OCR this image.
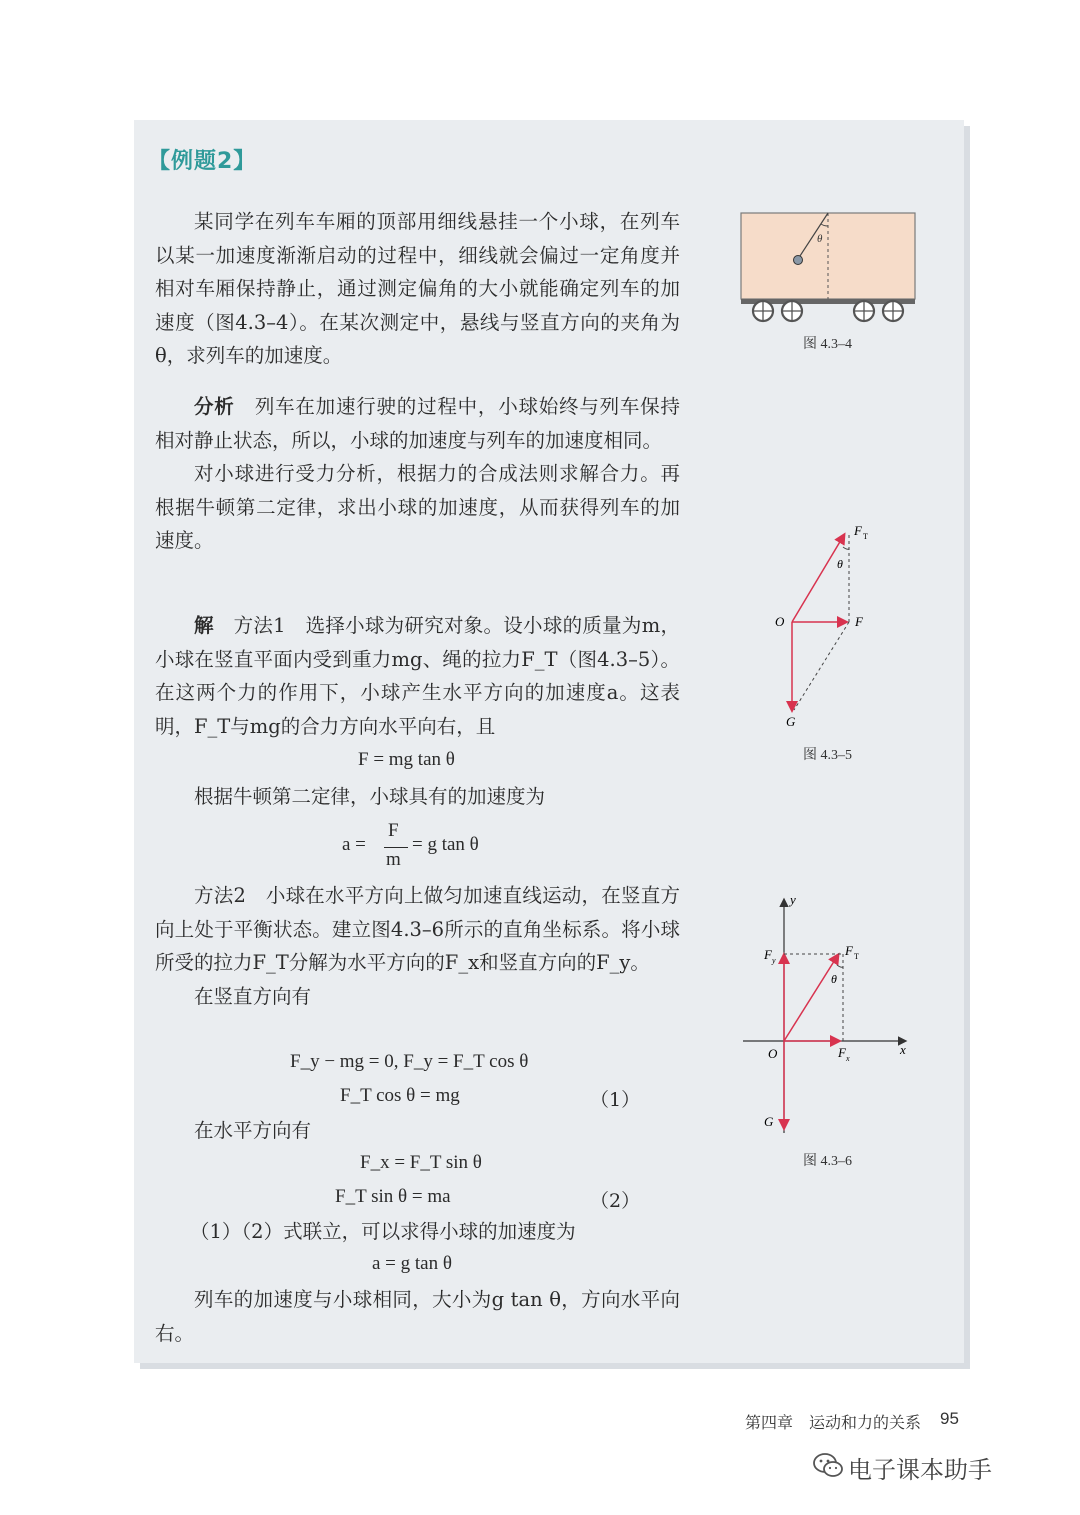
【例题2】

某同学在列车车厢的顶部用细线悬挂一个小球，在列车以某一加速度渐渐启动的过程中，细线就会偏过一定角度并相对车厢保持静止，通过测定偏角的大小就能确定列车的加速度（图4.3–4）。在某次测定中，悬线与竖直方向的夹角为θ，求列车的加速度。

分析　 列车在加速行驶的过程中，小球始终与列车保持相对静止状态，所以，小球的加速度与列车的加速度相同。

对小球进行受力分析，根据力的合成法则求解合力。再根据牛顿第二定律，求出小球的加速度，从而获得列车的加速度。

解　 方法1　 选择小球为研究对象。设小球的质量为m，小球在竖直平面内受到重力mg、绳的拉力F_T（图4.3–5）。在这两个力的作用下，小球产生水平方向的加速度a。这表明，F_T与mg的合力方向水平向右，且

F = mg tan θ

根据牛顿第二定律，小球具有的加速度为

a =
F
m
= g tan θ

方法2　 小球在水平方向上做匀加速直线运动，在竖直方向上处于平衡状态。建立图4.3–6所示的直角坐标系。将小球所受的拉力F_T分解为水平方向的F_x和竖直方向的F_y。

在竖直方向有

F_y − mg = 0, F_y = F_T cos θ
F_T cos θ = mg	（1）

在水平方向有

F_x = F_T sin θ
F_T sin θ = ma	（2）

（1）（2）式联立，可以求得小球的加速度为

a = g tan θ

列车的加速度与小球相同，大小为g tan θ，方向水平向右。

θ
图 4.3–4
F T
θ
O	F
G
图 4.3–5
y
x
F T
F y
θ
O	F x
G
图 4.3–6
第四章　运动和力的关系 95
电子课本助手
